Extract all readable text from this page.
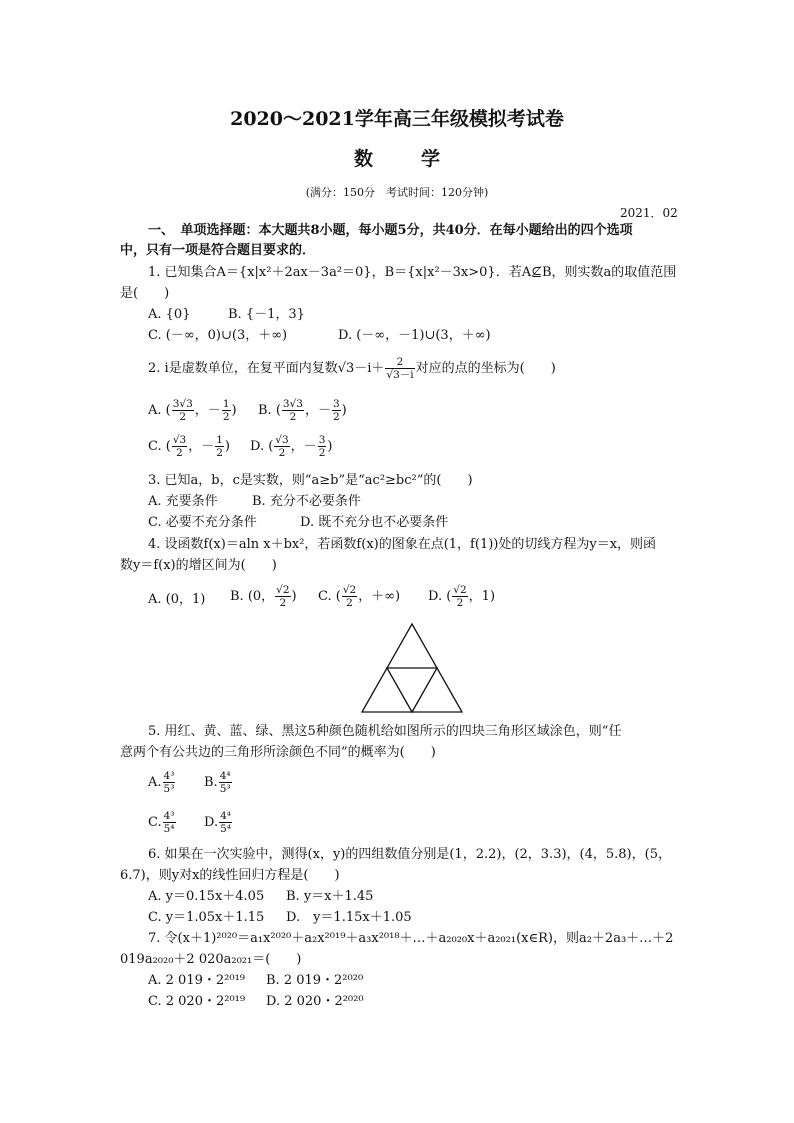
2020～2021学年高三年级模拟考试卷
数	学
(满分：150分　考试时间：120分钟)
2021．02
一、　单项选择题：本大题共8小题，每小题5分，共40分．在每小题给出的四个选项
中，只有一项是符合题目要求的．
1. 已知集合A＝{x|x²＋2ax－3a²＝0}，B＝{x|x²－3x>0}．若A⊈B，则实数a的取值范围
是(　　)
A. {0}	B. {－1，3}
C. (－∞，0)∪(3，＋∞)	D. (－∞，－1)∪(3，＋∞)
2. i是虚数单位，在复平面内复数$√3-i+ \frac{2}{√3-i}$ 对应的点的坐标为(　　)
A. ( $\frac{3√3}{2}$ ，－ $\frac{1}{2}$ ) B. ( $\frac{3√3}{2}$ ，－ $\frac{3}{2}$ )
C. ( $\frac{√3}{2}$ ，－ $\frac{1}{2}$ ) D. ( $\frac{√3}{2}$ ，－ $\frac{3}{2}$ )
3. 已知a，b，c是实数，则“a≥b”是“ac²≥bc²”的(　　)
A. 充要条件	B. 充分不必要条件
C. 必要不充分条件	D. 既不充分也不必要条件
4. 设函数f(x)＝aln x＋bx²，若函数f(x)的图象在点(1，f(1))处的切线方程为y＝x，则函
数y＝f(x)的增区间为(　　)
A. (0，1) B. (0， $\frac{√2}{2}$ ) C. ( $\frac{√2}{2}$ ，＋∞) D. ( $\frac{√2}{2}$ ，1)
5. 用红、黄、蓝、绿、黑这5种颜色随机给如图所示的四块三角形区域涂色，则“任
意两个有公共边的三角形所涂颜色不同”的概率为(　　)
A. $\frac{\text{4³}}{\text{5³}} B$. $\frac{\text{4⁴}}{\text{5³}}$
C. $\frac{\text{4³}}{\text{5⁴}} D$. $\frac{\text{4⁴}}{\text{5⁴}}$
6. 如果在一次实验中，测得(x，y)的四组数值分别是(1，2.2)，(2，3.3)，(4，5.8)，(5，
6.7)，则y对x的线性回归方程是(　　)
A. y＝0.15x＋4.05 B. y＝x＋1.45
C. y＝1.05x＋1.15 D.　y＝1.15x＋1.05
7. 令(x＋1)²⁰²⁰＝a₁x²⁰²⁰＋a₂x²⁰¹⁹＋a₃x²⁰¹⁸＋…＋a₂₀₂₀x＋a₂₀₂₁(x∈R)，则a₂＋2a₃＋…＋2
019a₂₀₂₀＋2 020a₂₀₂₁＝(　　)
A. 2 019・2²⁰¹⁹ B. 2 019・2²⁰²⁰
C. 2 020・2²⁰¹⁹ D. 2 020・2²⁰²⁰
